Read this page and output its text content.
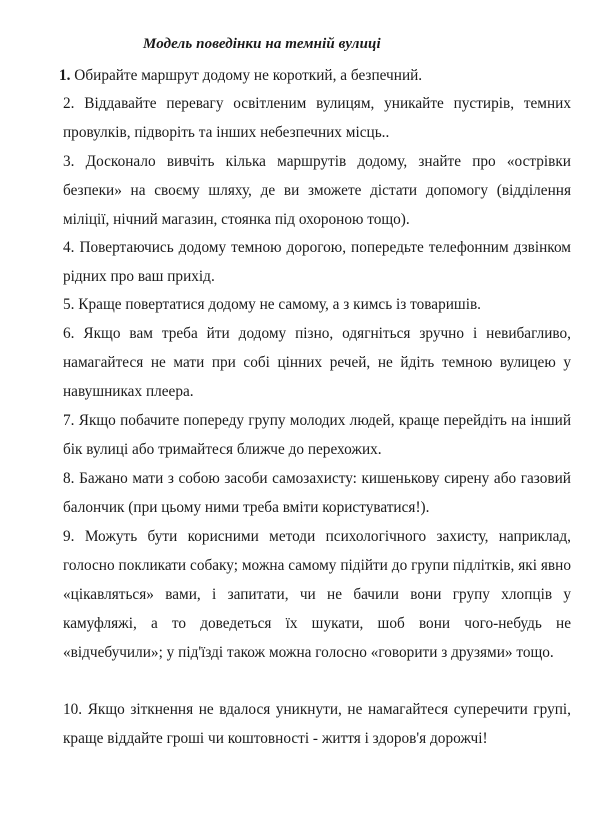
Модель поведінки на темній вулиці
1. Обирайте маршрут додому не короткий, а безпечний.
2. Віддавайте перевагу освітленим вулицям, уникайте пустирів, темних провулків, підворіть та інших небезпечних місць..
3. Досконало вивчіть кілька маршрутів додому, знайте про «острівки безпеки» на своєму шляху, де ви зможете дістати допомогу (відділення міліції, нічний магазин, стоянка під охороною тощо).
4. Повертаючись додому темною дорогою, попередьте телефонним дзвінком рідних про ваш прихід.
5. Краще повертатися додому не самому, а з кимсь із товаришів.
6. Якщо вам треба йти додому пізно, одягніться зручно і невибагливо, намагайтеся не мати при собі цінних речей, не йдіть темною вулицею у навушниках плеера.
7. Якщо побачите попереду групу молодих людей, краще перейдіть на інший бік вулиці або тримайтеся ближче до перехожих.
8. Бажано мати з собою засоби самозахисту: кишенькову сирену або газовий балончик (при цьому ними треба вміти користуватися!).
9. Можуть бути корисними методи психологічного захисту, наприклад, голосно покликати собаку; можна самому підійти до групи підлітків, які явно «цікавляться» вами, і запитати, чи не бачили вони групу хлопців у камуфляжі, а то доведеться їх шукати, шоб вони чого-небудь не «відчебучили»; у під'їзді також можна голосно «говорити з друзями» тощо.
10. Якщо зіткнення не вдалося уникнути, не намагайтеся суперечити групі, краще віддайте гроші чи коштовності - життя і здоров'я дорожчі!
